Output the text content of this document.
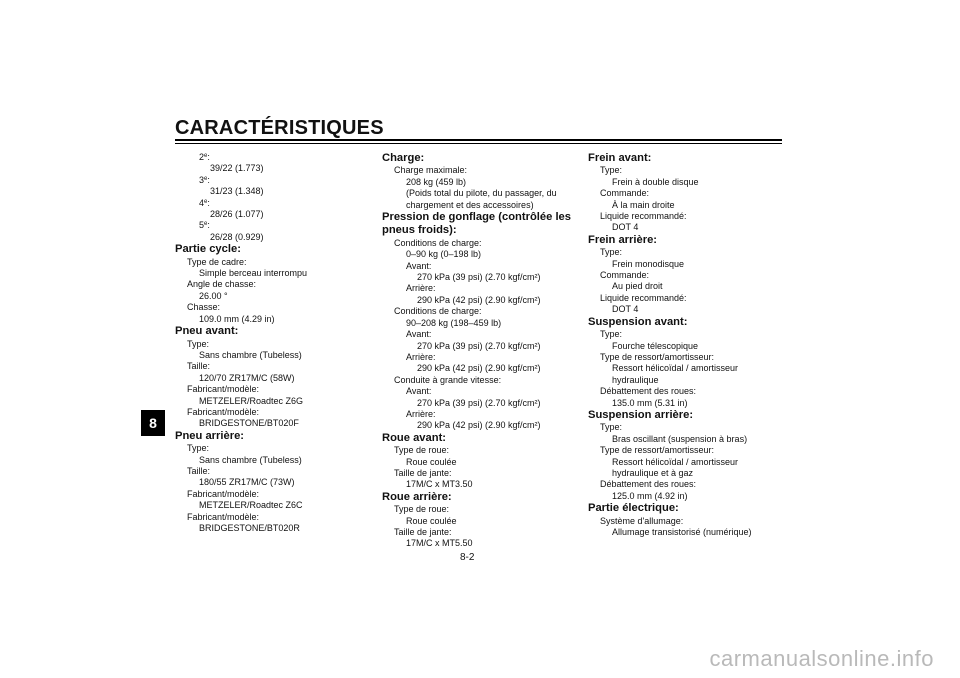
CARACTÉRISTIQUES
8
2e:
39/22 (1.773)
3e:
31/23 (1.348)
4e:
28/26 (1.077)
5e:
26/28 (0.929)
Partie cycle:
Type de cadre:
Simple berceau interrompu
Angle de chasse:
26.00 °
Chasse:
109.0 mm (4.29 in)
Pneu avant:
Type:
Sans chambre (Tubeless)
Taille:
120/70 ZR17M/C (58W)
Fabricant/modèle:
METZELER/Roadtec Z6G
Fabricant/modèle:
BRIDGESTONE/BT020F
Pneu arrière:
Type:
Sans chambre (Tubeless)
Taille:
180/55 ZR17M/C (73W)
Fabricant/modèle:
METZELER/Roadtec Z6C
Fabricant/modèle:
BRIDGESTONE/BT020R
Charge:
Charge maximale:
208 kg (459 lb)
(Poids total du pilote, du passager, du
chargement et des accessoires)
Pression de gonflage (contrôlée les
pneus froids):
Conditions de charge:
0–90 kg (0–198 lb)
Avant:
270 kPa (39 psi) (2.70 kgf/cm²)
Arrière:
290 kPa (42 psi) (2.90 kgf/cm²)
Conditions de charge:
90–208 kg (198–459 lb)
Avant:
270 kPa (39 psi) (2.70 kgf/cm²)
Arrière:
290 kPa (42 psi) (2.90 kgf/cm²)
Conduite à grande vitesse:
Avant:
270 kPa (39 psi) (2.70 kgf/cm²)
Arrière:
290 kPa (42 psi) (2.90 kgf/cm²)
Roue avant:
Type de roue:
Roue coulée
Taille de jante:
17M/C x MT3.50
Roue arrière:
Type de roue:
Roue coulée
Taille de jante:
17M/C x MT5.50
Frein avant:
Type:
Frein à double disque
Commande:
À la main droite
Liquide recommandé:
DOT 4
Frein arrière:
Type:
Frein monodisque
Commande:
Au pied droit
Liquide recommandé:
DOT 4
Suspension avant:
Type:
Fourche télescopique
Type de ressort/amortisseur:
Ressort hélicoïdal / amortisseur
hydraulique
Débattement des roues:
135.0 mm (5.31 in)
Suspension arrière:
Type:
Bras oscillant (suspension à bras)
Type de ressort/amortisseur:
Ressort hélicoïdal / amortisseur
hydraulique et à gaz
Débattement des roues:
125.0 mm (4.92 in)
Partie électrique:
Système d'allumage:
Allumage transistorisé (numérique)
8-2
carmanualsonline.info
